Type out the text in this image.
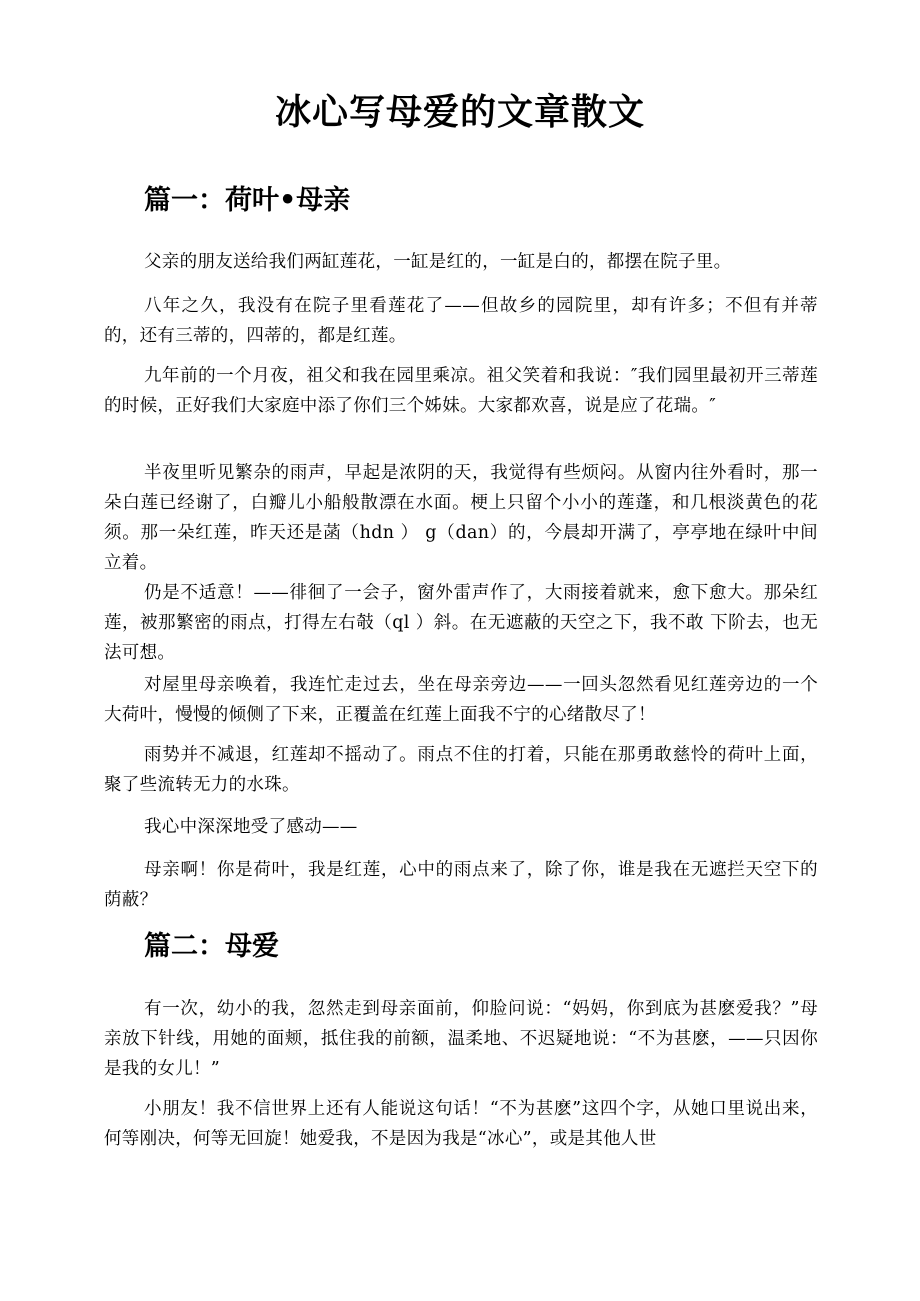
冰心写母爱的文章散文
篇一：荷叶•母亲

父亲的朋友送给我们两缸莲花，一缸是红的，一缸是白的，都摆在院子里。

八年之久，我没有在院子里看莲花了——但故乡的园院里，却有许多；不但有并蒂的，还有三蒂的，四蒂的，都是红莲。

九年前的一个月夜，祖父和我在园里乘凉。祖父笑着和我说：″我们园里最初开三蒂莲的时候，正好我们大家庭中添了你们三个姊妹。大家都欢喜，说是应了花瑞。″

半夜里听见繁杂的雨声，早起是浓阴的天，我觉得有些烦闷。从窗内往外看时，那一朵白莲已经谢了，白瓣儿小船般散漂在水面。梗上只留个小小的莲蓬，和几根淡黄色的花须。那一朵红莲，昨天还是菡（hdn ） g（dan）的，今晨却开满了，亭亭地在绿叶中间立着。

仍是不适意！——徘徊了一会子，窗外雷声作了，大雨接着就来，愈下愈大。那朵红莲，被那繁密的雨点，打得左右攲（ql ）斜。在无遮蔽的天空之下，我不敢 下阶去，也无法可想。

对屋里母亲唤着，我连忙走过去，坐在母亲旁边——一回头忽然看见红莲旁边的一个大荷叶，慢慢的倾侧了下来，正覆盖在红莲上面我不宁的心绪散尽了！

雨势并不减退，红莲却不摇动了。雨点不住的打着，只能在那勇敢慈怜的荷叶上面，聚了些流转无力的水珠。

我心中深深地受了感动——

母亲啊！你是荷叶，我是红莲，心中的雨点来了，除了你，谁是我在无遮拦天空下的荫蔽？

篇二：母爱

有一次，幼小的我，忽然走到母亲面前，仰脸问说：“妈妈，你到底为甚麽爱我？”母亲放下针线，用她的面颊，抵住我的前额，温柔地、不迟疑地说：“不为甚麽，——只因你是我的女儿！”

小朋友！我不信世界上还有人能说这句话！“不为甚麽”这四个字，从她口里说出来，何等刚决，何等无回旋！她爱我，不是因为我是“冰心”，或是其他人世
